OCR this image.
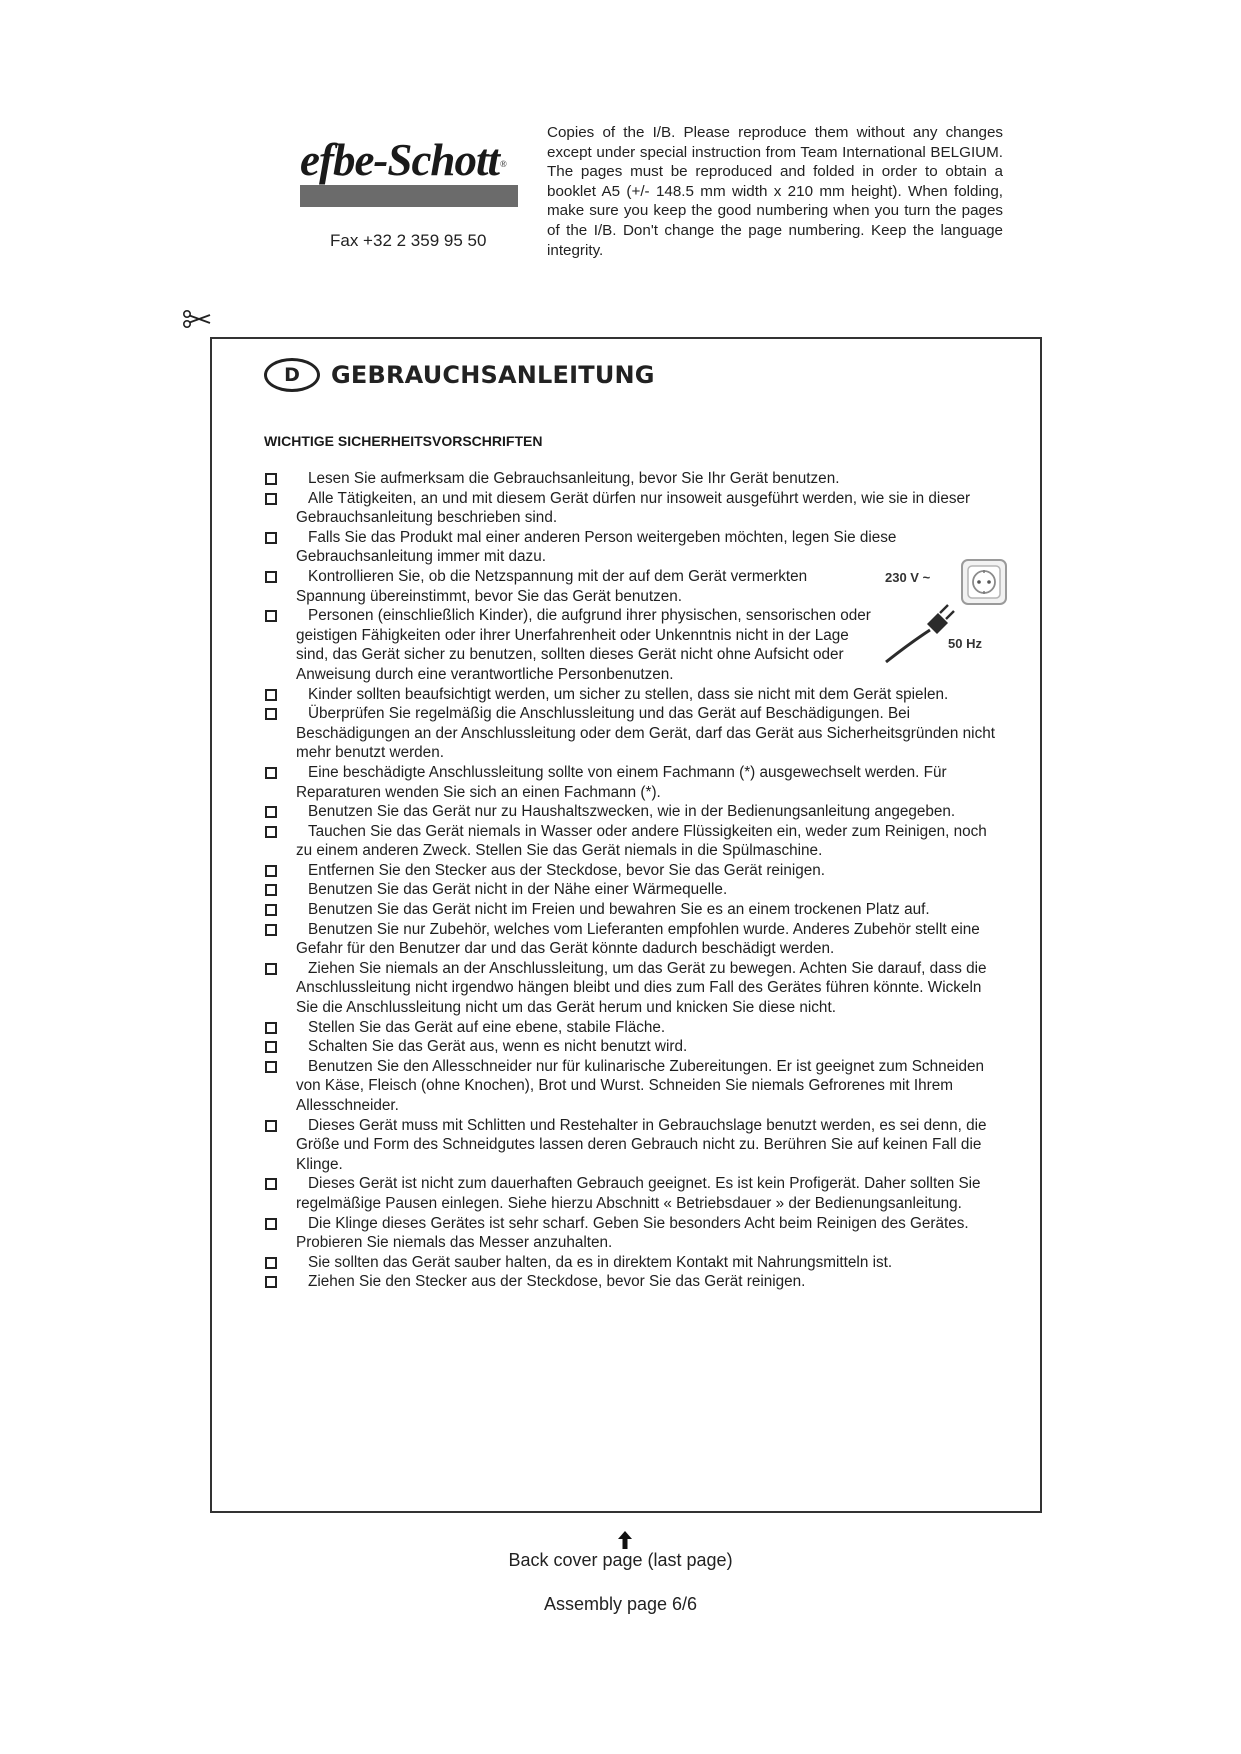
efbe-Schott®
Fax +32 2 359 95 50
Copies of the I/B. Please reproduce them without any changes except under special instruction from Team International BELGIUM. The pages must be reproduced and folded in order to obtain a booklet A5 (+/- 148.5 mm width x 210 mm height). When folding, make sure you keep the good numbering when you turn the pages of the I/B. Don't change the page numbering. Keep the language integrity.
D	GEBRAUCHSANLEITUNG
WICHTIGE SICHERHEITSVORSCHRIFTEN
Lesen Sie aufmerksam die Gebrauchsanleitung, bevor Sie Ihr Gerät benutzen.
Alle Tätigkeiten, an und mit diesem Gerät dürfen nur insoweit ausgeführt werden, wie sie in dieser Gebrauchsanleitung beschrieben sind.
Falls Sie das Produkt mal einer anderen Person weitergeben möchten, legen Sie diese Gebrauchsanleitung immer mit dazu.
Kontrollieren Sie, ob die Netzspannung mit der auf dem Gerät vermerkten Spannung übereinstimmt, bevor Sie das Gerät benutzen.
Personen (einschließlich Kinder), die aufgrund ihrer physischen, sensorischen oder geistigen Fähigkeiten oder ihrer Unerfahrenheit oder Unkenntnis nicht in der Lage sind, das Gerät sicher zu benutzen, sollten dieses Gerät nicht ohne Aufsicht oder Anweisung durch eine verantwortliche Personbenutzen.
Kinder sollten beaufsichtigt werden, um sicher zu stellen, dass sie nicht mit dem Gerät spielen.
Überprüfen Sie regelmäßig die Anschlussleitung und das Gerät auf Beschädigungen. Bei Beschädigungen an der Anschlussleitung oder dem Gerät, darf das Gerät aus Sicherheitsgründen nicht mehr benutzt werden.
Eine beschädigte Anschlussleitung sollte von einem Fachmann (*) ausgewechselt werden. Für Reparaturen wenden Sie sich an einen Fachmann (*).
Benutzen Sie das Gerät nur zu Haushaltszwecken, wie in der Bedienungsanleitung angegeben.
Tauchen Sie das Gerät niemals in Wasser oder andere Flüssigkeiten ein, weder zum Reinigen, noch zu einem anderen Zweck. Stellen Sie das Gerät niemals in die Spülmaschine.
Entfernen Sie den Stecker aus der Steckdose, bevor Sie das Gerät reinigen.
Benutzen Sie das Gerät nicht in der Nähe einer Wärmequelle.
Benutzen Sie das Gerät nicht im Freien und bewahren Sie es an einem trockenen Platz auf.
Benutzen Sie nur Zubehör, welches vom Lieferanten empfohlen wurde. Anderes Zubehör stellt eine Gefahr für den Benutzer dar und das Gerät könnte dadurch beschädigt werden.
Ziehen Sie niemals an der Anschlussleitung, um das Gerät zu bewegen. Achten Sie darauf, dass die Anschlussleitung nicht irgendwo hängen bleibt und dies zum Fall des Gerätes führen könnte. Wickeln Sie die Anschlussleitung nicht um das Gerät herum und knicken Sie diese nicht.
Stellen Sie das Gerät auf eine ebene, stabile Fläche.
Schalten Sie das Gerät aus, wenn es nicht benutzt wird.
Benutzen Sie den Allesschneider nur für kulinarische Zubereitungen. Er ist geeignet zum Schneiden von Käse, Fleisch (ohne Knochen), Brot und Wurst. Schneiden Sie niemals Gefrorenes mit Ihrem Allesschneider.
Dieses Gerät muss mit Schlitten und Restehalter in Gebrauchslage benutzt werden, es sei denn, die Größe und Form des Schneidgutes lassen deren Gebrauch nicht zu. Berühren Sie auf keinen Fall die Klinge.
Dieses Gerät ist nicht zum dauerhaften Gebrauch geeignet. Es ist kein Profigerät. Daher sollten Sie regelmäßige Pausen einlegen. Siehe hierzu Abschnitt « Betriebsdauer » der Bedienungsanleitung.
Die Klinge dieses Gerätes ist sehr scharf. Geben Sie besonders Acht beim Reinigen des Gerätes. Probieren Sie niemals das Messer anzuhalten.
Sie sollten das Gerät sauber halten, da es in direktem Kontakt mit Nahrungsmitteln ist.
Ziehen Sie den Stecker aus der Steckdose, bevor Sie das Gerät reinigen.
230 V ~
50 Hz
Back cover page (last page)
Assembly page 6/6
